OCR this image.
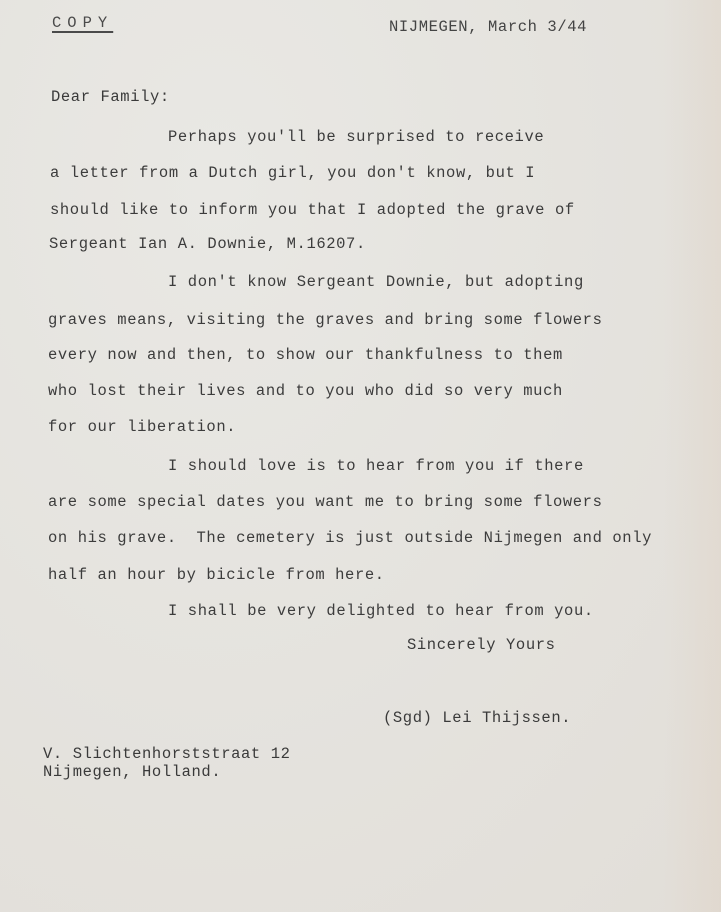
COPY	NIJMEGEN, March 3/44
Dear Family:
Perhaps you'll be surprised to receive
a letter from a Dutch girl, you don't know, but I
should like to inform you that I adopted the grave of
Sergeant Ian A. Downie, M.16207.
I don't know Sergeant Downie, but adopting
graves means, visiting the graves and bring some flowers
every now and then, to show our thankfulness to them
who lost their lives and to you who did so very much
for our liberation.
I should love is to hear from you if there
are some special dates you want me to bring some flowers
on his grave.  The cemetery is just outside Nijmegen and only
half an hour by bicicle from here.
I shall be very delighted to hear from you.
Sincerely Yours
(Sgd) Lei Thijssen.
V. Slichtenhorststraat 12
Nijmegen, Holland.
